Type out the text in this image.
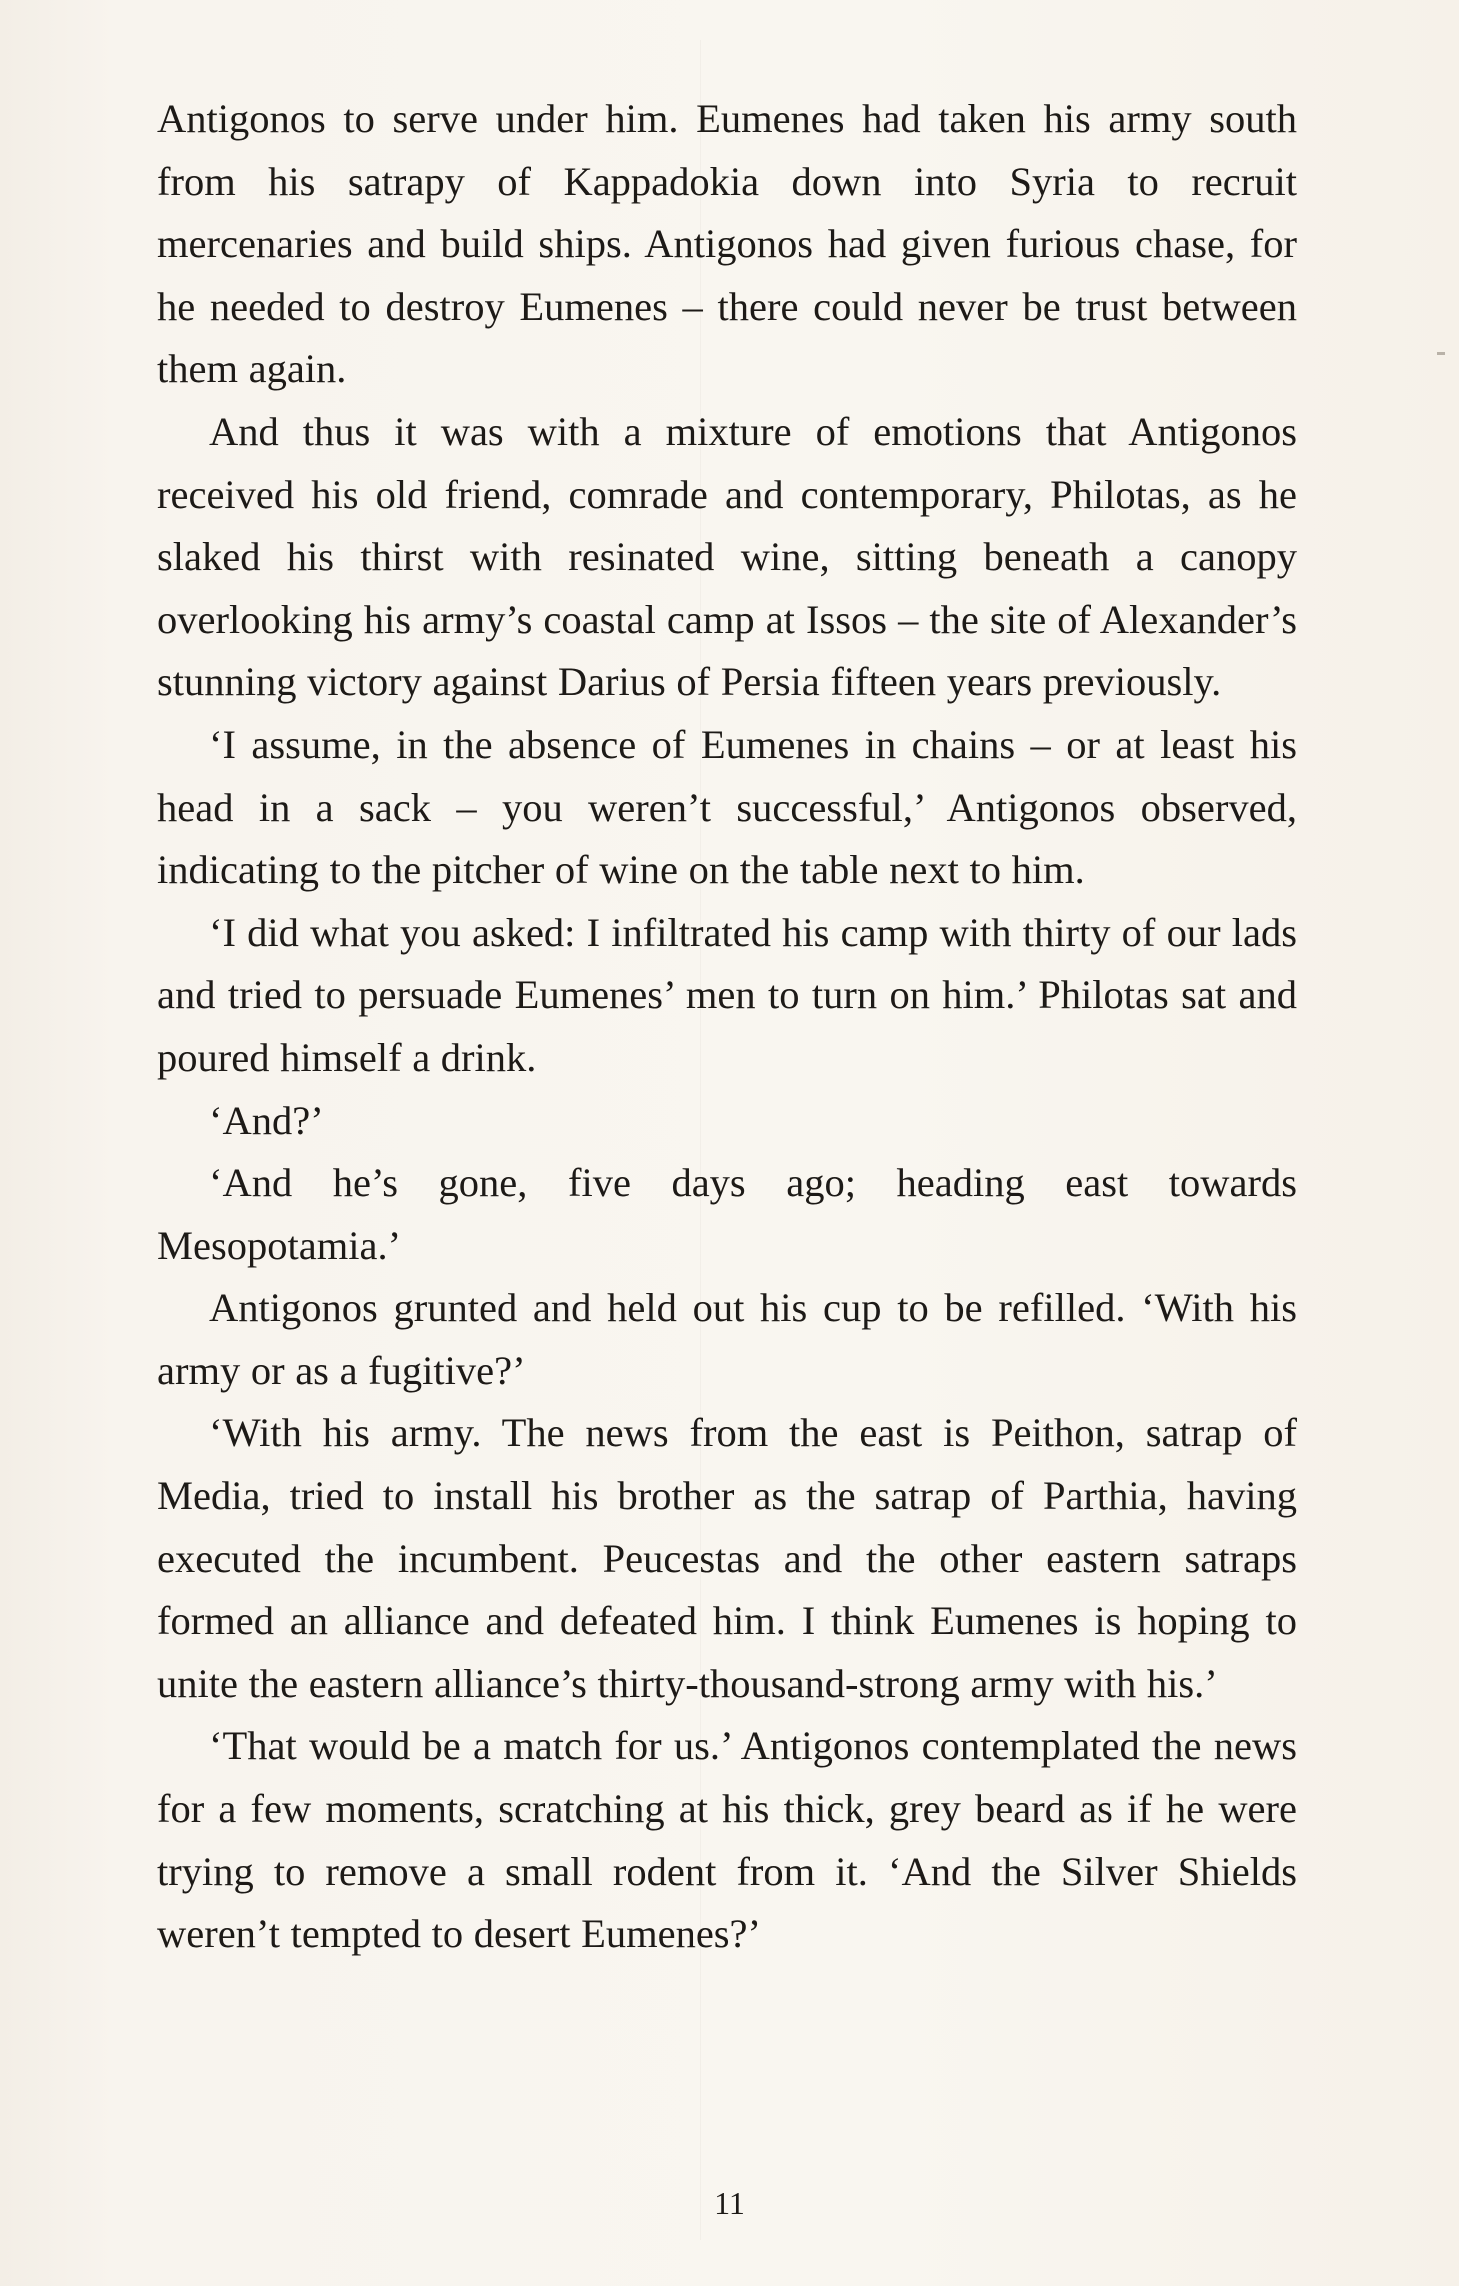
Antigonos to serve under him. Eumenes had taken his army south from his satrapy of Kappadokia down into Syria to recruit mercenaries and build ships. Antigonos had given furious chase, for he needed to destroy Eumenes – there could never be trust between them again.

And thus it was with a mixture of emotions that Antigonos received his old friend, comrade and contemporary, Philotas, as he slaked his thirst with resinated wine, sitting beneath a canopy overlooking his army’s coastal camp at Issos – the site of Alexander’s stunning victory against Darius of Persia fifteen years previously.

‘I assume, in the absence of Eumenes in chains – or at least his head in a sack – you weren’t successful,’ Antigonos observed, indicating to the pitcher of wine on the table next to him.

‘I did what you asked: I infiltrated his camp with thirty of our lads and tried to persuade Eumenes’ men to turn on him.’ Philotas sat and poured himself a drink.

‘And?’

‘And he’s gone, five days ago; heading east towards Mesopotamia.’

Antigonos grunted and held out his cup to be refilled. ‘With his army or as a fugitive?’

‘With his army. The news from the east is Peithon, satrap of Media, tried to install his brother as the satrap of Parthia, having executed the incumbent. Peucestas and the other eastern satraps formed an alliance and defeated him. I think Eumenes is hoping to unite the eastern alliance’s thirty-thousand-strong army with his.’

‘That would be a match for us.’ Antigonos contemplated the news for a few moments, scratching at his thick, grey beard as if he were trying to remove a small rodent from it. ‘And the Silver Shields weren’t tempted to desert Eumenes?’

11
